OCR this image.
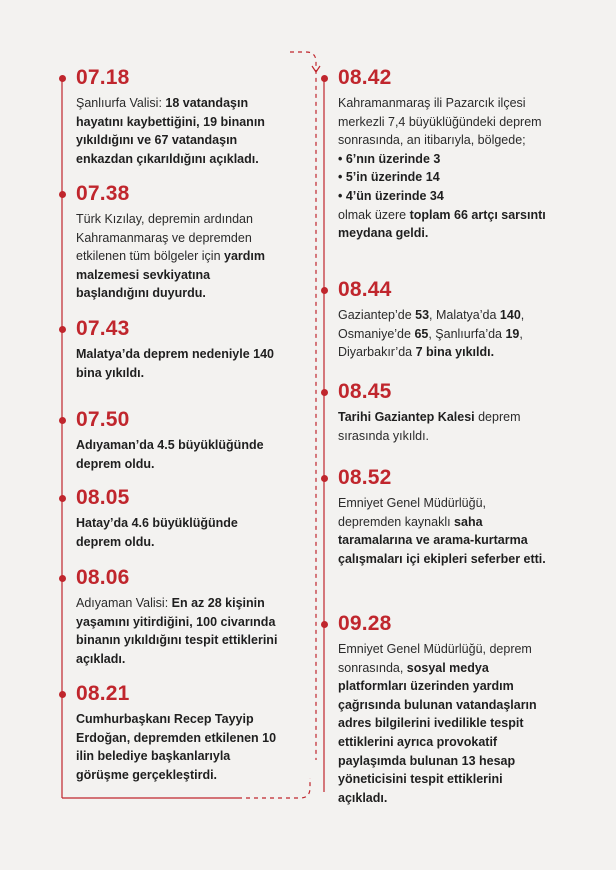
07.18
Şanlıurfa Valisi: 18 vatandaşın hayatını kaybettiğini, 19 binanın yıkıldığını ve 67 vatandaşın enkazdan çıkarıldığını açıkladı.
07.38
Türk Kızılay, depremin ardından Kahramanmaraş ve depremden etkilenen tüm bölgeler için yardım malzemesi sevkiyatına başlandığını duyurdu.
07.43
Malatya’da deprem nedeniyle 140 bina yıkıldı.
07.50
Adıyaman’da 4.5 büyüklüğünde deprem oldu.
08.05
Hatay’da 4.6 büyüklüğünde deprem oldu.
08.06
Adıyaman Valisi: En az 28 kişinin yaşamını yitirdiğini, 100 civarında binanın yıkıldığını tespit ettiklerini açıkladı.
08.21
Cumhurbaşkanı Recep Tayyip Erdoğan, depremden etkilenen 10 ilin belediye başkanlarıyla görüşme gerçekleştirdi.
08.42
Kahramanmaraş ili Pazarcık ilçesi merkezli 7,4 büyüklüğündeki deprem sonrasında, an itibarıyla, bölgede;
• 6’nın üzerinde 3
• 5’in üzerinde 14
• 4’ün üzerinde 34
olmak üzere toplam 66 artçı sarsıntı meydana geldi.
08.44
Gaziantep’de 53, Malatya’da 140, Osmaniye’de 65, Şanlıurfa’da 19, Diyarbakır’da 7 bina yıkıldı.
08.45
Tarihi Gaziantep Kalesi deprem sırasında yıkıldı.
08.52
Emniyet Genel Müdürlüğü, depremden kaynaklı saha taramalarına ve arama-kurtarma çalışmaları içi ekipleri seferber etti.
09.28
Emniyet Genel Müdürlüğü, deprem sonrasında, sosyal medya platformları üzerinden yardım çağrısında bulunan vatandaşların adres bilgilerini ivedilikle tespit ettiklerini ayrıca provokatif paylaşımda bulunan 13 hesap yöneticisini tespit ettiklerini açıkladı.
